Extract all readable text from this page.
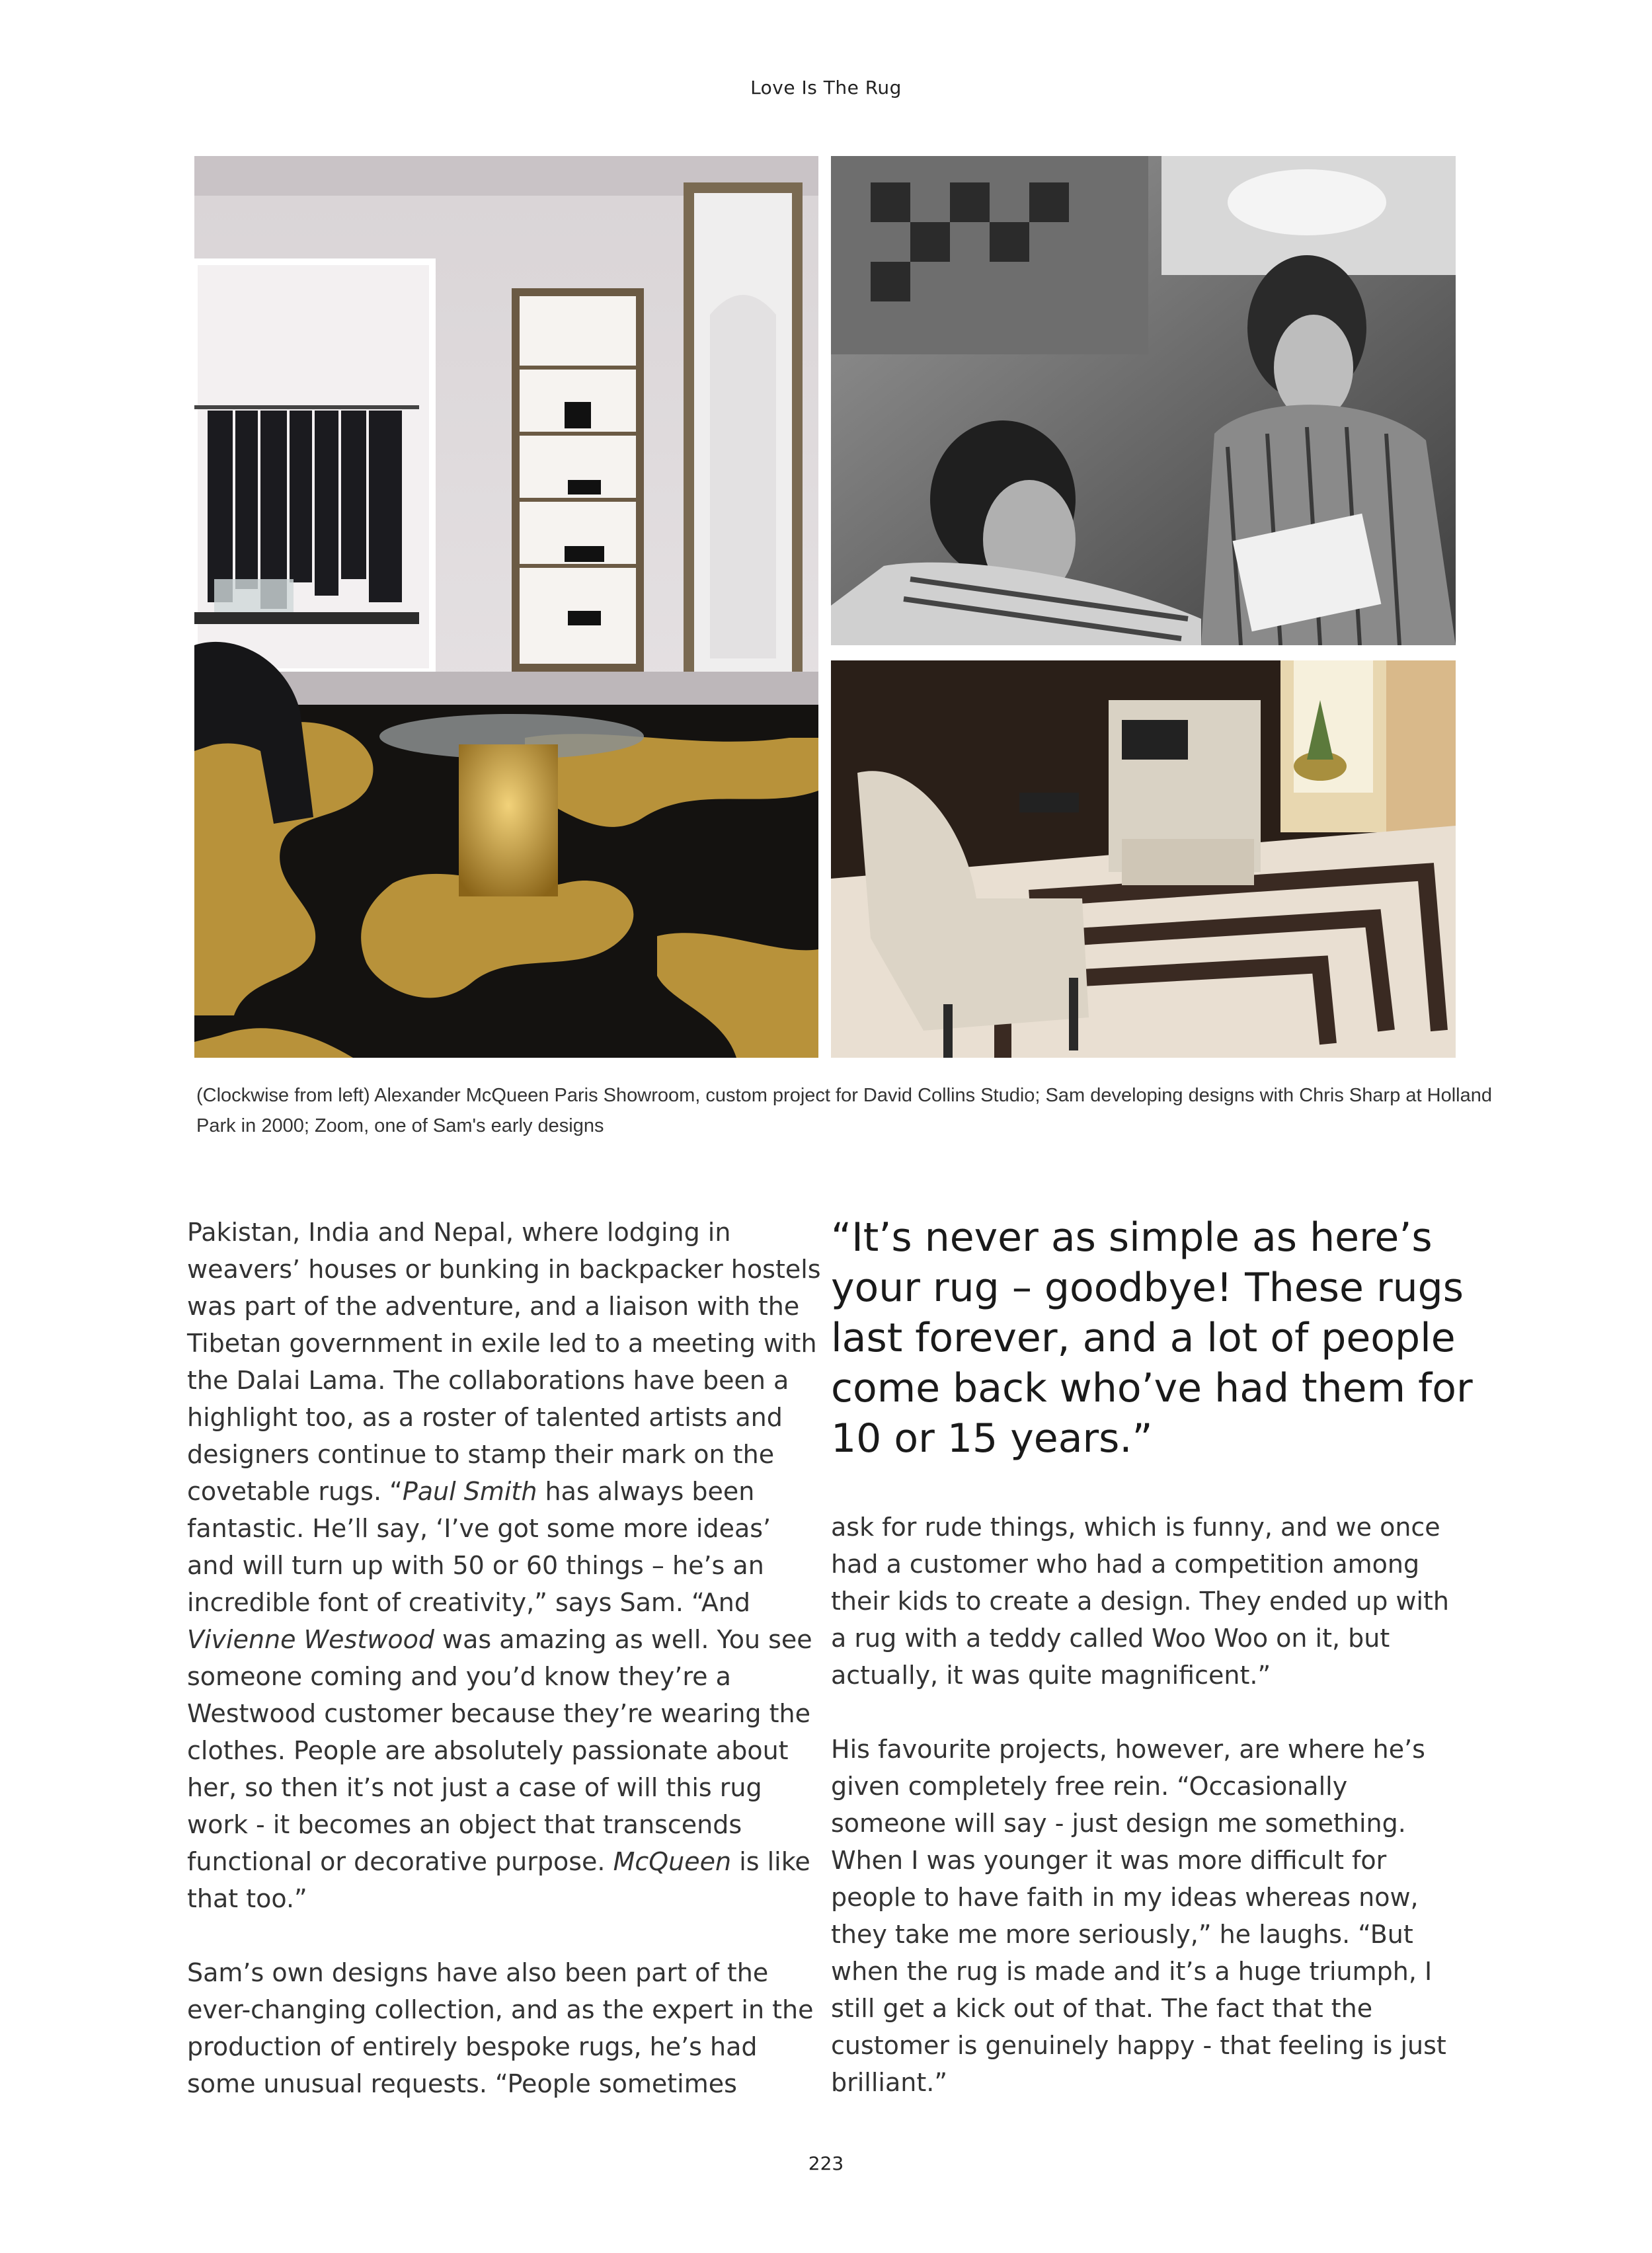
Love Is The Rug
(Clockwise from left) Alexander McQueen Paris Showroom, custom project for David Collins Studio; Sam developing designs with Chris Sharp at Holland Park in 2000; Zoom, one of Sam's early designs

Pakistan, India and Nepal, where lodging in weavers’ houses or bunking in backpacker hostels was part of the adventure, and a liaison with the Tibetan government in exile led to a meeting with the Dalai Lama. The collaborations have been a highlight too, as a roster of talented artists and designers continue to stamp their mark on the covetable rugs. “Paul Smith has always been fantastic. He’ll say, ‘I’ve got some more ideas’ and will turn up with 50 or 60 things – he’s an incredible font of creativity,” says Sam. “And Vivienne Westwood was amazing as well. You see someone coming and you’d know they’re a Westwood customer because they’re wearing the clothes. People are absolutely passionate about her, so then it’s not just a case of will this rug work - it becomes an object that transcends functional or decorative purpose. McQueen is like that too.”

Sam’s own designs have also been part of the ever-changing collection, and as the expert in the production of entirely bespoke rugs, he’s had some unusual requests. “People sometimes

“It’s never as simple as here’s your rug – goodbye! These rugs last forever, and a lot of people come back who’ve had them for 10 or 15 years.”

ask for rude things, which is funny, and we once had a customer who had a competition among their kids to create a design. They ended up with a rug with a teddy called Woo Woo on it, but actually, it was quite magnificent.”

His favourite projects, however, are where he’s given completely free rein. “Occasionally someone will say - just design me something. When I was younger it was more difficult for people to have faith in my ideas whereas now, they take me more seriously,” he laughs. “But when the rug is made and it’s a huge triumph, I still get a kick out of that. The fact that the customer is genuinely happy - that feeling is just brilliant.”

223
